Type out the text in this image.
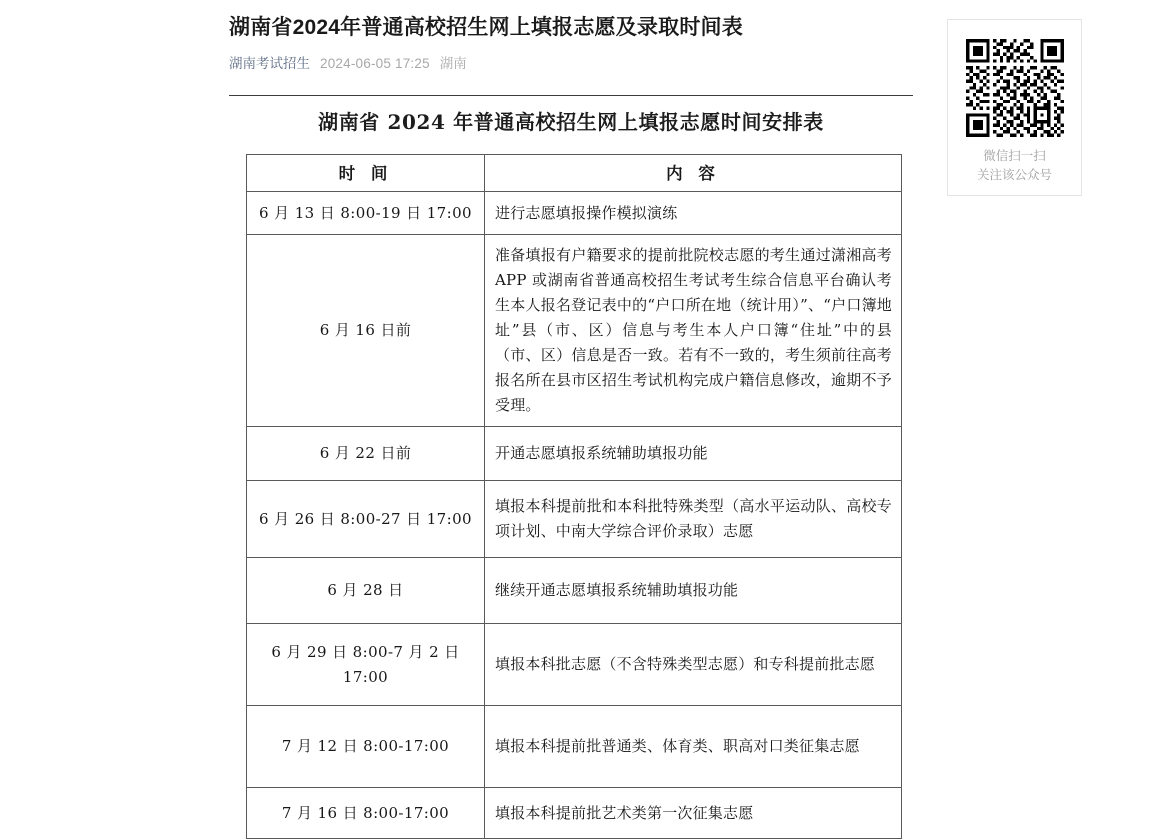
湖南省2024年普通高校招生网上填报志愿及录取时间表
湖南考试招生 2024-06-05 17:25 湖南
湖南省 2024 年普通高校招生网上填报志愿时间安排表
时 间	内 容
6 月 13 日 8:00-19 日 17:00	进行志愿填报操作模拟演练
6 月 16 日前	准备填报有户籍要求的提前批院校志愿的考生通过潇湘高考 APP 或湖南省普通高校招生考试考生综合信息平台确认考生本人报名登记表中的“户口所在地（统计用）”、“户口簿地址”县（市、区）信息与考生本人户口簿“住址”中的县（市、区）信息是否一致。若有不一致的，考生须前往高考报名所在县市区招生考试机构完成户籍信息修改，逾期不予受理。
6 月 22 日前	开通志愿填报系统辅助填报功能
6 月 26 日 8:00-27 日 17:00	填报本科提前批和本科批特殊类型（高水平运动队、高校专项计划、中南大学综合评价录取）志愿
6 月 28 日	继续开通志愿填报系统辅助填报功能
6 月 29 日 8:00-7 月 2 日 17:00	填报本科批志愿（不含特殊类型志愿）和专科提前批志愿
7 月 12 日 8:00-17:00	填报本科提前批普通类、体育类、职高对口类征集志愿
7 月 16 日 8:00-17:00	填报本科提前批艺术类第一次征集志愿
微信扫一扫
关注该公众号
